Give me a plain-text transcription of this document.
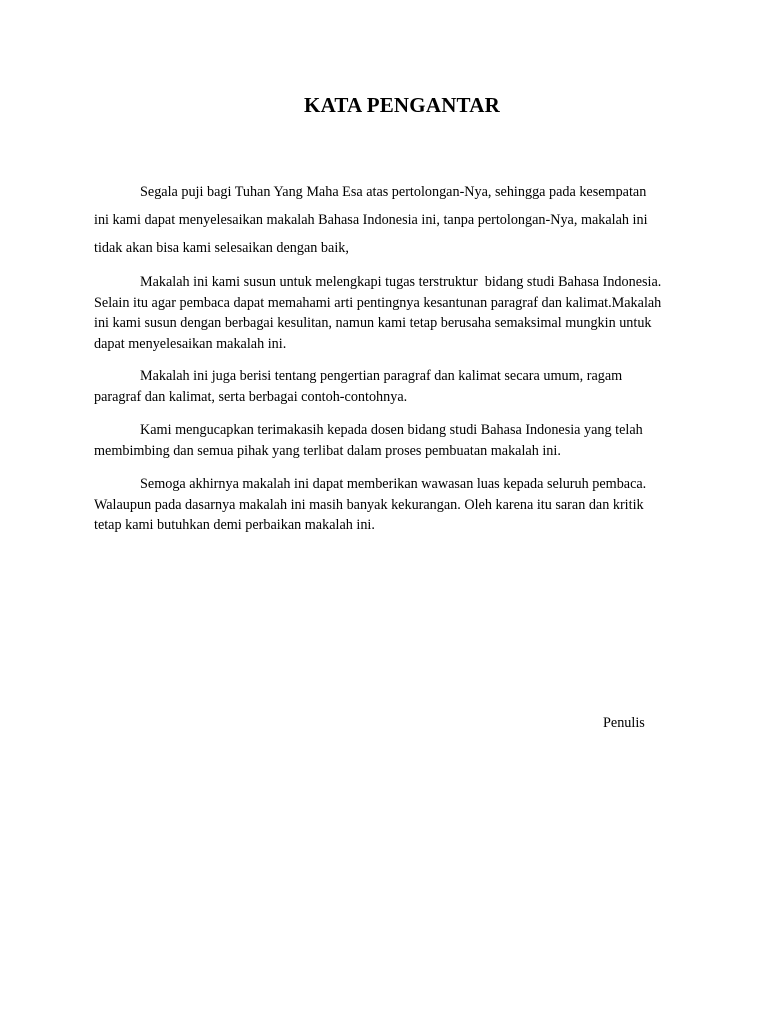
KATA PENGANTAR

Segala puji bagi Tuhan Yang Maha Esa atas pertolongan-Nya, sehingga pada kesempatan
ini kami dapat menyelesaikan makalah Bahasa Indonesia ini, tanpa pertolongan-Nya, makalah ini
tidak akan bisa kami selesaikan dengan baik,

Makalah ini kami susun untuk melengkapi tugas terstruktur  bidang studi Bahasa Indonesia.
Selain itu agar pembaca dapat memahami arti pentingnya kesantunan paragraf dan kalimat.Makalah
ini kami susun dengan berbagai kesulitan, namun kami tetap berusaha semaksimal mungkin untuk
dapat menyelesaikan makalah ini.

Makalah ini juga berisi tentang pengertian paragraf dan kalimat secara umum, ragam
paragraf dan kalimat, serta berbagai contoh-contohnya.

Kami mengucapkan terimakasih kepada dosen bidang studi Bahasa Indonesia yang telah
membimbing dan semua pihak yang terlibat dalam proses pembuatan makalah ini.

Semoga akhirnya makalah ini dapat memberikan wawasan luas kepada seluruh pembaca.
Walaupun pada dasarnya makalah ini masih banyak kekurangan. Oleh karena itu saran dan kritik
tetap kami butuhkan demi perbaikan makalah ini.

Penulis
